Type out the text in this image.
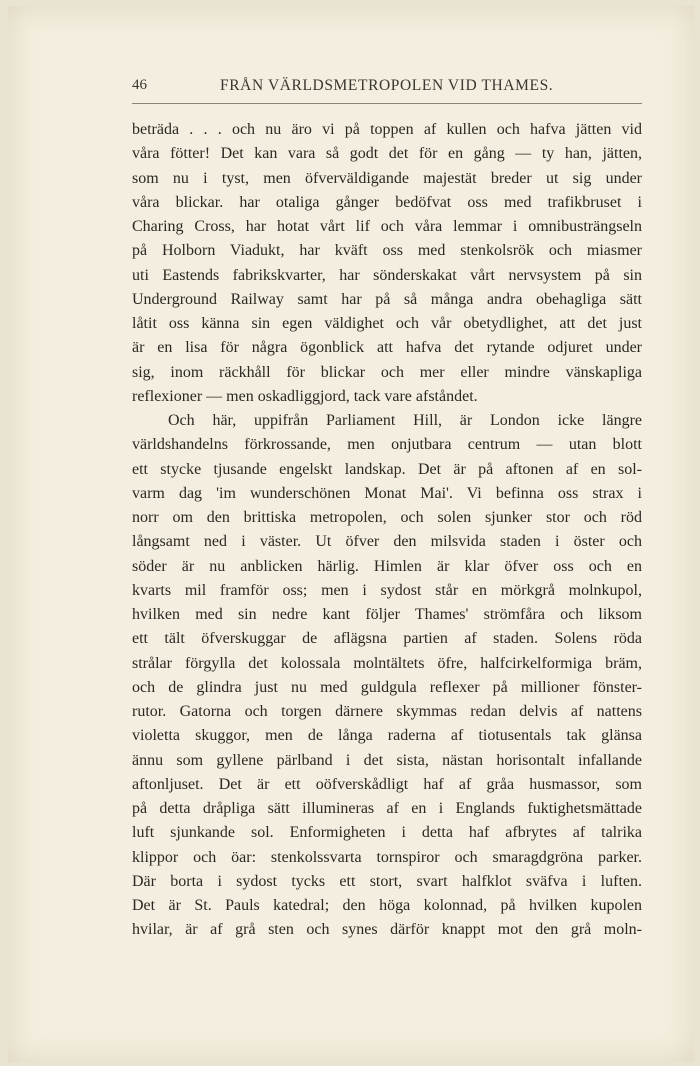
46	FRÅN VÄRLDSMETROPOLEN VID THAMES.
beträda . . . och nu äro vi på toppen af kullen och hafva jätten vid
våra fötter! Det kan vara så godt det för en gång — ty han, jätten,
som nu i tyst, men öfverväldigande majestät breder ut sig under
våra blickar. har otaliga gånger bedöfvat oss med trafikbruset i
Charing Cross, har hotat vårt lif och våra lemmar i omnibusträngseln
på Holborn Viadukt, har kväft oss med stenkolsrök och miasmer
uti Eastends fabrikskvarter, har sönderskakat vårt nervsystem på sin
Underground Railway samt har på så många andra obehagliga sätt
låtit oss känna sin egen väldighet och vår obetydlighet, att det just
är en lisa för några ögonblick att hafva det rytande odjuret under
sig, inom räckhåll för blickar och mer eller mindre vänskapliga
reflexioner — men oskadliggjord, tack vare afståndet.
Och här, uppifrån Parliament Hill, är London icke längre
världshandelns förkrossande, men onjutbara centrum — utan blott
ett stycke tjusande engelskt landskap. Det är på aftonen af en sol-
varm dag 'im wunderschönen Monat Mai'. Vi befinna oss strax i
norr om den brittiska metropolen, och solen sjunker stor och röd
långsamt ned i väster. Ut öfver den milsvida staden i öster och
söder är nu anblicken härlig. Himlen är klar öfver oss och en
kvarts mil framför oss; men i sydost står en mörkgrå molnkupol,
hvilken med sin nedre kant följer Thames' strömfåra och liksom
ett tält öfverskuggar de aflägsna partien af staden. Solens röda
strålar förgylla det kolossala molntältets öfre, halfcirkelformiga bräm,
och de glindra just nu med guldgula reflexer på millioner fönster-
rutor. Gatorna och torgen därnere skymmas redan delvis af nattens
violetta skuggor, men de långa raderna af tiotusentals tak glänsa
ännu som gyllene pärlband i det sista, nästan horisontalt infallande
aftonljuset. Det är ett oöfverskådligt haf af gråa husmassor, som
på detta dråpliga sätt illumineras af en i Englands fuktighetsmättade
luft sjunkande sol. Enformigheten i detta haf afbrytes af talrika
klippor och öar: stenkolssvarta tornspiror och smaragdgröna parker.
Där borta i sydost tycks ett stort, svart halfklot sväfva i luften.
Det är St. Pauls katedral; den höga kolonnad, på hvilken kupolen
hvilar, är af grå sten och synes därför knappt mot den grå moln-
